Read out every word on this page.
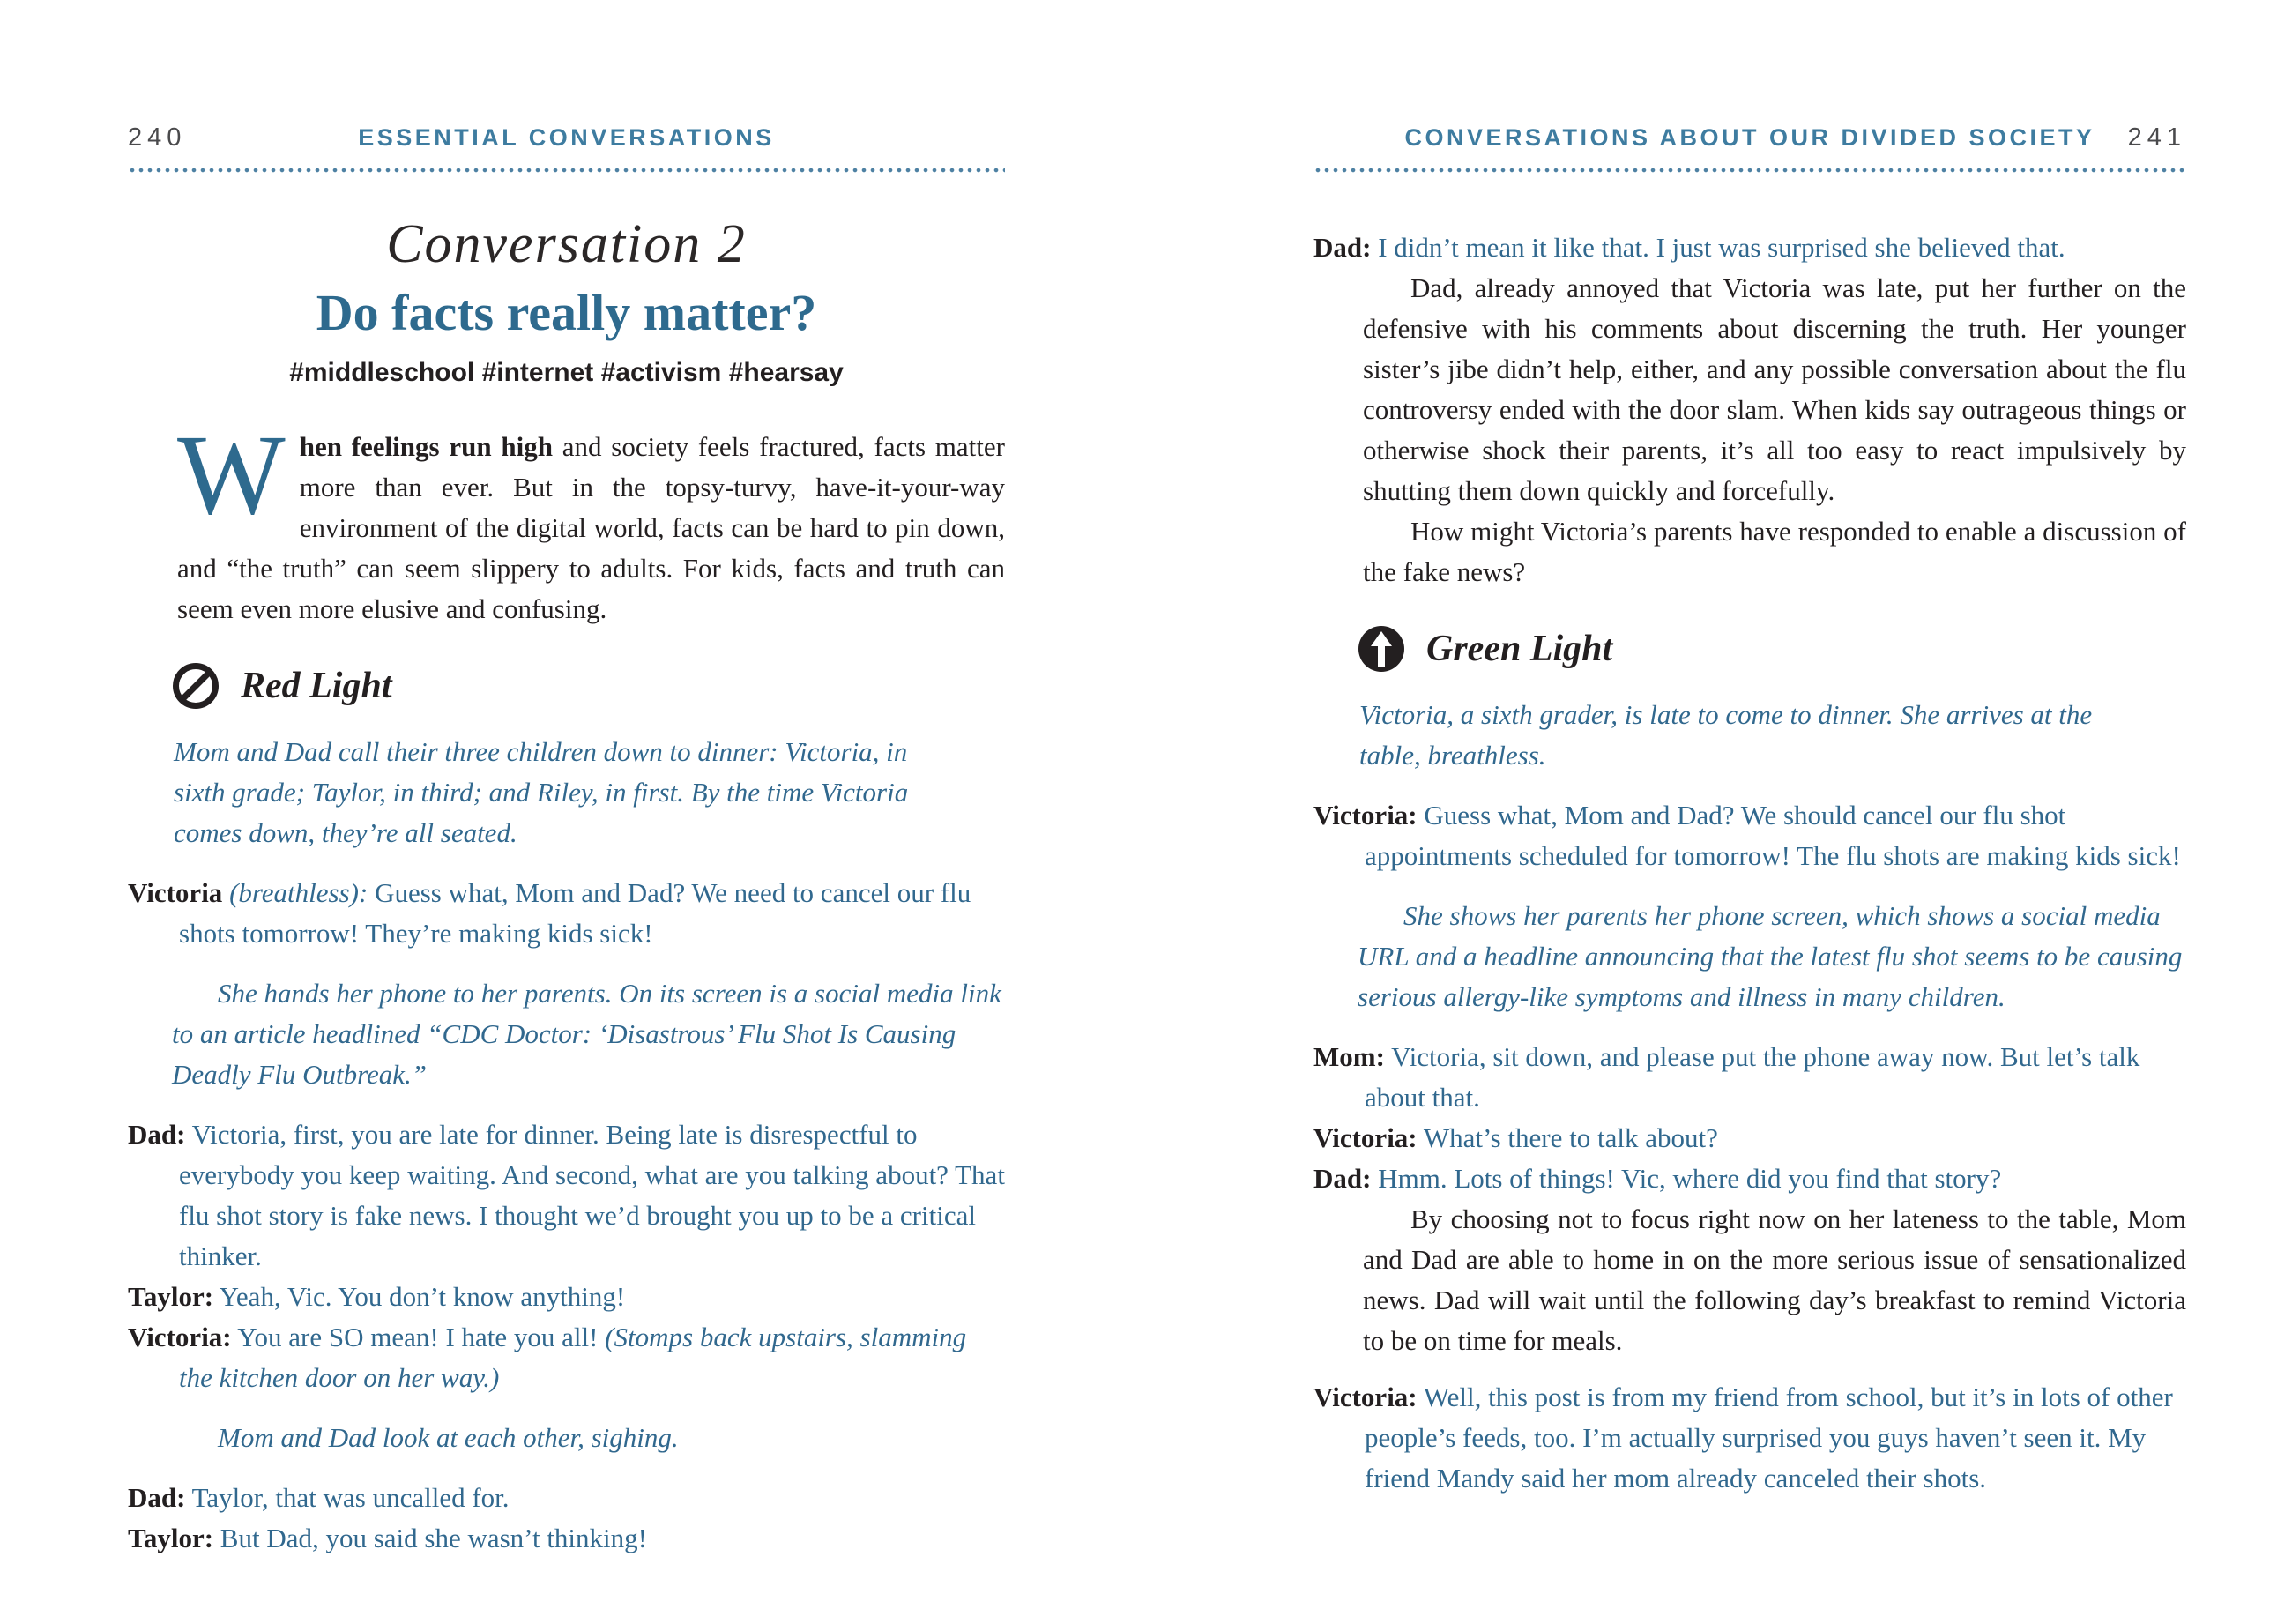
240	ESSENTIAL CONVERSATIONS
Conversation 2
Do facts really matter?
#middleschool #internet #activism #hearsay

When feelings run high and society feels fractured, facts matter more than ever. But in the topsy-turvy, have-it-your-way environment of the digital world, facts can be hard to pin down, and “the truth” can seem slippery to adults. For kids, facts and truth can seem even more elusive and confusing.

Red Light

Mom and Dad call their three children down to dinner: Victoria, in sixth grade; Taylor, in third; and Riley, in first. By the time Victoria comes down, they’re all seated.

Victoria (breathless): Guess what, Mom and Dad? We need to cancel our flu shots tomorrow! They’re making kids sick!

She hands her phone to her parents. On its screen is a social media link to an article headlined “CDC Doctor: ‘Disastrous’ Flu Shot Is Causing Deadly Flu Outbreak.”

Dad: Victoria, first, you are late for dinner. Being late is disrespectful to everybody you keep waiting. And second, what are you talking about? That flu shot story is fake news. I thought we’d brought you up to be a critical thinker.

Taylor: Yeah, Vic. You don’t know anything!

Victoria: You are SO mean! I hate you all! (Stomps back upstairs, slamming the kitchen door on her way.)

Mom and Dad look at each other, sighing.

Dad: Taylor, that was uncalled for.

Taylor: But Dad, you said she wasn’t thinking!

CONVERSATIONS ABOUT OUR DIVIDED SOCIETY	241

Dad: I didn’t mean it like that. I just was surprised she believed that.

Dad, already annoyed that Victoria was late, put her further on the defensive with his comments about discerning the truth. Her younger sister’s jibe didn’t help, either, and any possible conversation about the flu controversy ended with the door slam. When kids say outrageous things or otherwise shock their parents, it’s all too easy to react impulsively by shutting them down quickly and forcefully.

How might Victoria’s parents have responded to enable a discussion of the fake news?

Green Light

Victoria, a sixth grader, is late to come to dinner. She arrives at the table, breathless.

Victoria: Guess what, Mom and Dad? We should cancel our flu shot appointments scheduled for tomorrow! The flu shots are making kids sick!

She shows her parents her phone screen, which shows a social media URL and a headline announcing that the latest flu shot seems to be causing serious allergy-like symptoms and illness in many children.

Mom: Victoria, sit down, and please put the phone away now. But let’s talk about that.

Victoria: What’s there to talk about?

Dad: Hmm. Lots of things! Vic, where did you find that story?

By choosing not to focus right now on her lateness to the table, Mom and Dad are able to home in on the more serious issue of sensationalized news. Dad will wait until the following day’s breakfast to remind Victoria to be on time for meals.

Victoria: Well, this post is from my friend from school, but it’s in lots of other people’s feeds, too. I’m actually surprised you guys haven’t seen it. My friend Mandy said her mom already canceled their shots.
